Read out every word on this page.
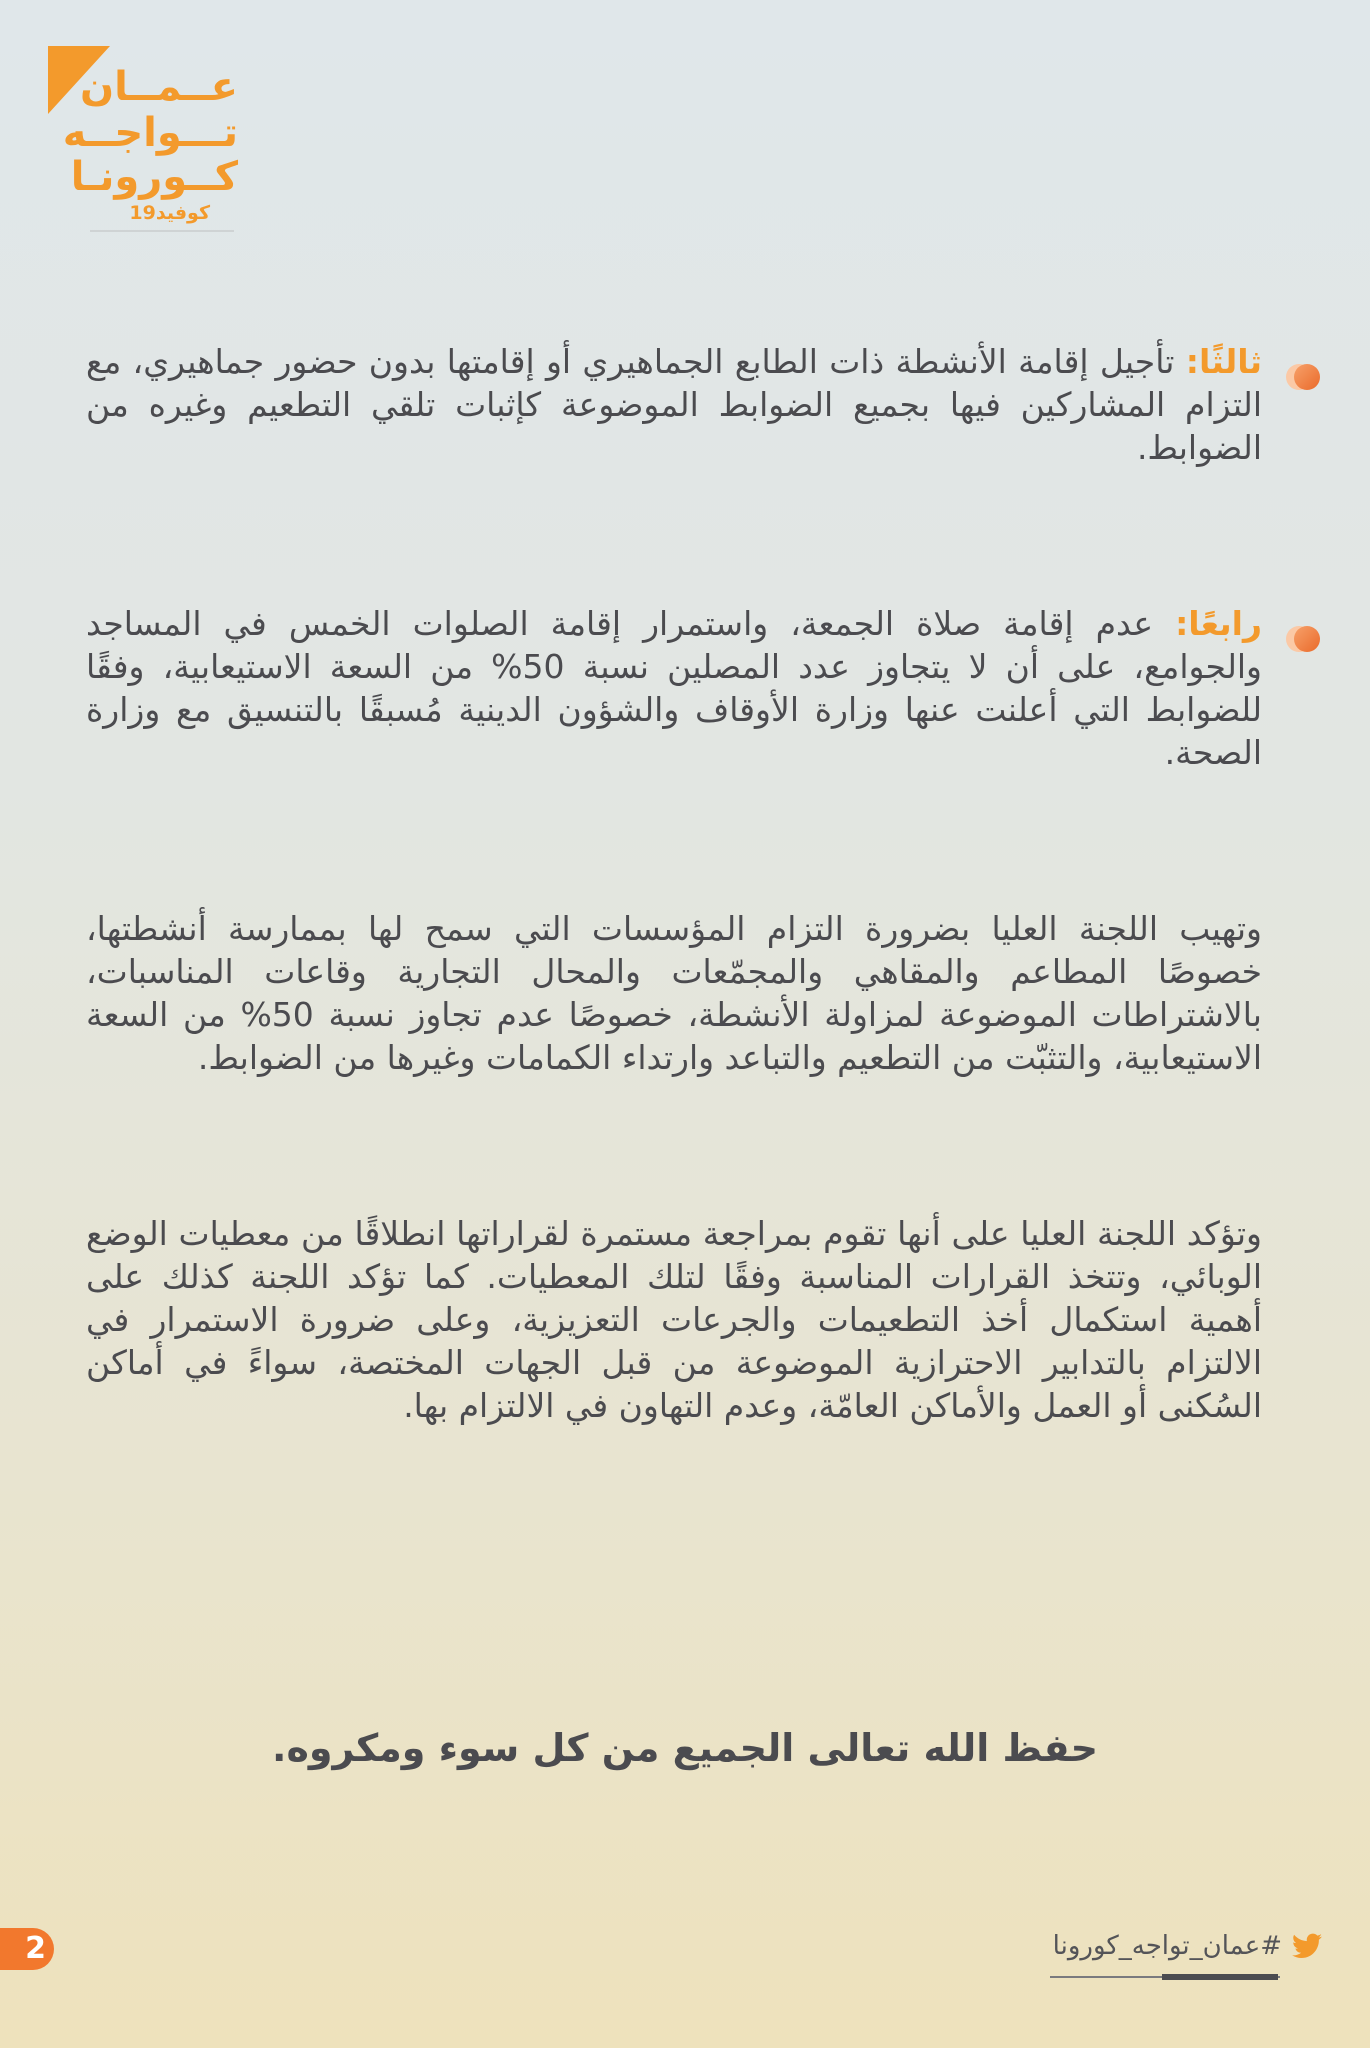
عــمــان
تـــواجــه
كــورونـا
كوفيد19

ثالثًا: تأجيل إقامة الأنشطة ذات الطابع الجماهيري أو إقامتها بدون حضور جماهيري، مع التزام المشاركين فيها بجميع الضوابط الموضوعة كإثبات تلقي التطعيم وغيره من الضوابط.

رابعًا: عدم إقامة صلاة الجمعة، واستمرار إقامة الصلوات الخمس في المساجد والجوامع، على أن لا يتجاوز عدد المصلين نسبة 50% من السعة الاستيعابية، وفقًا للضوابط التي أعلنت عنها وزارة الأوقاف والشؤون الدينية مُسبقًا بالتنسيق مع وزارة الصحة.

وتهيب اللجنة العليا بضرورة التزام المؤسسات التي سمح لها بممارسة أنشطتها، خصوصًا المطاعم والمقاهي والمجمّعات والمحال التجارية وقاعات المناسبات، بالاشتراطات الموضوعة لمزاولة الأنشطة، خصوصًا عدم تجاوز نسبة 50% من السعة الاستيعابية، والتثبّت من التطعيم والتباعد وارتداء الكمامات وغيرها من الضوابط.

وتؤكد اللجنة العليا على أنها تقوم بمراجعة مستمرة لقراراتها انطلاقًا من معطيات الوضع الوبائي، وتتخذ القرارات المناسبة وفقًا لتلك المعطيات. كما تؤكد اللجنة كذلك على أهمية استكمال أخذ التطعيمات والجرعات التعزيزية، وعلى ضرورة الاستمرار في الالتزام بالتدابير الاحترازية الموضوعة من قبل الجهات المختصة، سواءً في أماكن السُكنى أو العمل والأماكن العامّة، وعدم التهاون في الالتزام بها.

حفظ الله تعالى الجميع من كل سوء ومكروه.
2	#عمان_تواجه_كورونا
